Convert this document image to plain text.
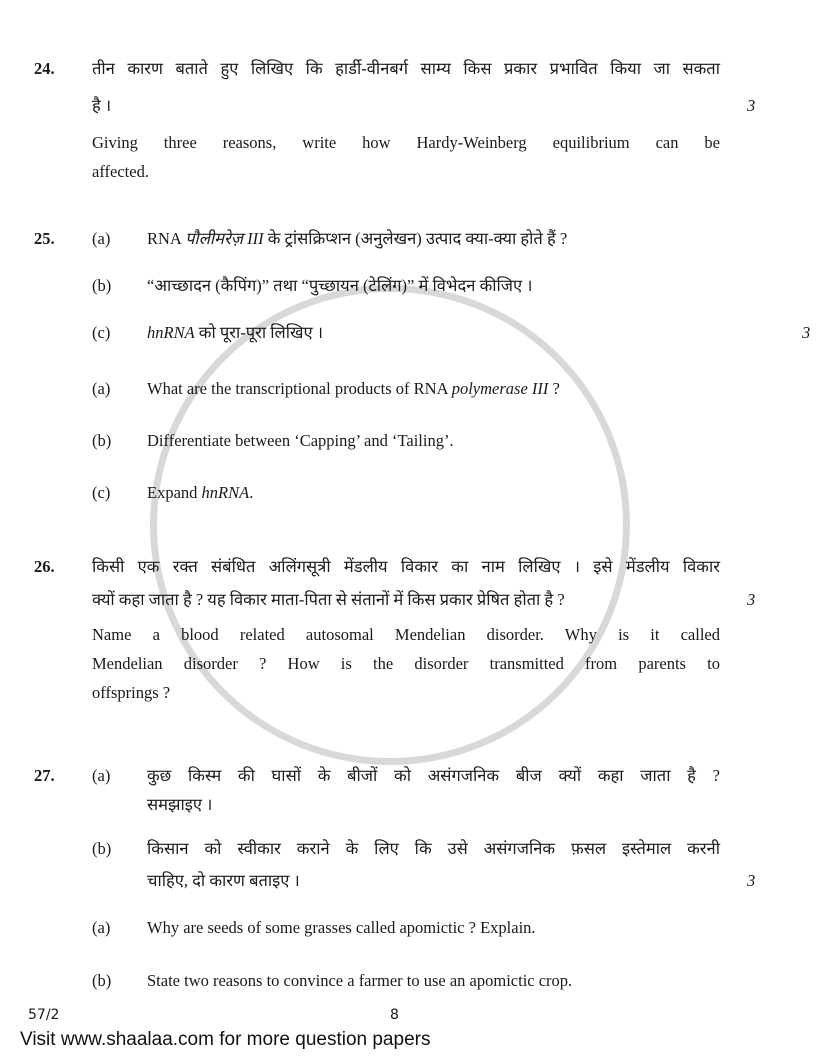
24.	तीन कारण बताते हुए लिखिए कि हार्डी-वीनबर्ग साम्य किस प्रकार प्रभावित किया जा सकता
है ।	3
Giving three reasons, write how Hardy-Weinberg equilibrium can be
affected.
25.	(a)	RNA पौलीमरेज़ III के ट्रांसक्रिप्शन (अनुलेखन) उत्पाद क्या-क्या होते हैं ?
(b)	“आच्छादन (कैपिंग)” तथा “पुच्छायन (टेलिंग)” में विभेदन कीजिए ।
(c)	hnRNA को पूरा-पूरा लिखिए ।	3
(a)	What are the transcriptional products of RNA polymerase III ?
(b)	Differentiate between ‘Capping’ and ‘Tailing’.
(c)	Expand hnRNA.
26.	किसी एक रक्त संबंधित अलिंगसूत्री मेंडलीय विकार का नाम लिखिए । इसे मेंडलीय विकार
क्यों कहा जाता है ? यह विकार माता-पिता से संतानों में किस प्रकार प्रेषित होता है ?	3
Name a blood related autosomal Mendelian disorder. Why is it called
Mendelian disorder ? How is the disorder transmitted from parents to
offsprings ?
27.	(a)	कुछ किस्म की घासों के बीजों को असंगजनिक बीज क्यों कहा जाता है ?
समझाइए ।
(b)	किसान को स्वीकार कराने के लिए कि उसे असंगजनिक फ़सल इस्तेमाल करनी
चाहिए, दो कारण बताइए ।	3
(a)	Why are seeds of some grasses called apomictic ? Explain.
(b)	State two reasons to convince a farmer to use an apomictic crop.
57/2	8
Visit www.shaalaa.com for more question papers
